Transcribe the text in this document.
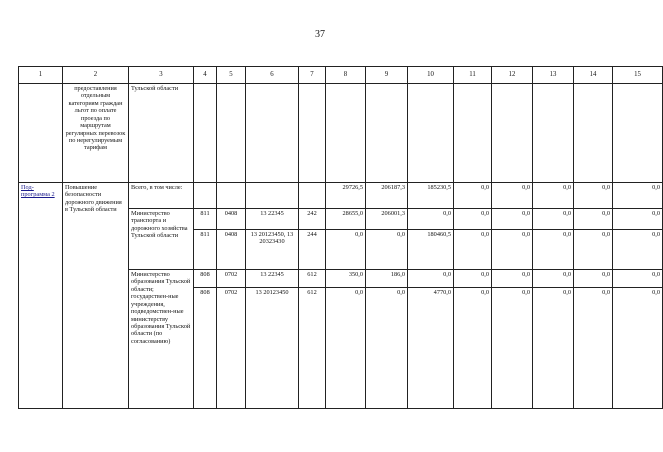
37
1	2	3	4	5	6	7	8	9	10	11	12	13	14	15
	предоставления отдельным категориям граждан льгот по оплате проезда по маршрутам регулярных перевозок по нерегулируемым тарифам	Тульской области												
Под-программа 2	Повышение безопасности дорожного движения в Тульской области	Всего, в том числе:					29726,5	206187,3	185230,5	0,0	0,0	0,0	0,0	0,0
		Министерство транспорта и дорожного хозяйства Тульской области	811	0408	13 22345	242	28655,0	206001,3	0,0	0,0	0,0	0,0	0,0	0,0
			811	0408	13 20123450, 13 20323430	244	0,0	0,0	180460,5	0,0	0,0	0,0	0,0	0,0
		Министерство образования Тульской области; государствен-ные учреждения, подведомствен-ные министерству образования Тульской области (по согласованию)	808	0702	13 22345	612	350,0	186,0	0,0	0,0	0,0	0,0	0,0	0,0
			808	0702	13 20123450	612	0,0	0,0	4770,0	0,0	0,0	0,0	0,0	0,0
